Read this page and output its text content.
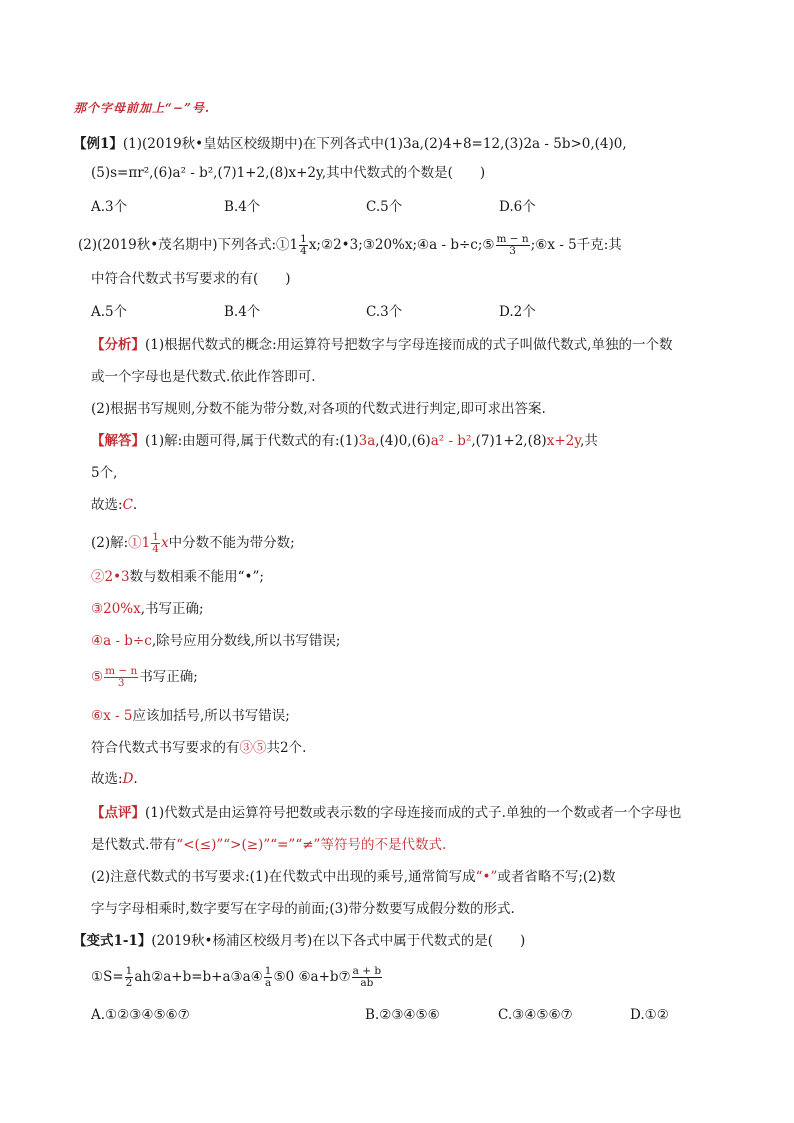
那个字母前加上“−”号.
【例1】(1)(2019秋•皇姑区校级期中)在下列各式中(1)3a,(2)4+8=12,(3)2a - 5b>0,(4)0,
(5)s=πr²,(6)a² - b²,(7)1+2,(8)x+2y,其中代数式的个数是(　　)
A.3个	B.4个	C.5个	D.6个
(2)(2019秋•茂名期中)下列各式:①1 $\frac{1}{4}$ x;②2•3;③20%x;④a - b÷c;⑤ $\frac{m - n}{3}$ ;⑥x - 5千克:其
中符合代数式书写要求的有(　　)
A.5个	B.4个	C.3个	D.2个
【分析】(1)根据代数式的概念:用运算符号把数字与字母连接而成的式子叫做代数式,单独的一个数
或一个字母也是代数式.依此作答即可.
(2)根据书写规则,分数不能为带分数,对各项的代数式进行判定,即可求出答案.
【解答】(1)解:由题可得,属于代数式的有:(1)3a,(4)0,(6)a² - b²,(7)1+2,(8)x+2y,共
5个,
故选:C.
(2)解:①1 $\frac{1}{4}$ x中分数不能为带分数;
②2•3数与数相乘不能用“•”;
③20%x,书写正确;
④a - b÷c,除号应用分数线,所以书写错误;
⑤ $\frac{m - n}{3}$ 书写正确;
⑥x - 5应该加括号,所以书写错误;
符合代数式书写要求的有③⑤共2个.
故选:D.
【点评】(1)代数式是由运算符号把数或表示数的字母连接而成的式子.单独的一个数或者一个字母也
是代数式.带有“<(≤)”“>(≥)”“=”“≠”等符号的不是代数式.
(2)注意代数式的书写要求:(1)在代数式中出现的乘号,通常简写成“•”或者省略不写;(2)数
字与字母相乘时,数字要写在字母的前面;(3)带分数要写成假分数的形式.
【变式1-1】(2019秋•杨浦区校级月考)在以下各式中属于代数式的是(　　)
①S= $\frac{1}{2}$ ah②a+b=b+a③a④ $\frac{1}{a}$ ⑤0 ⑥a+b⑦ $\frac{a + b}{ab}$
A.①②③④⑤⑥⑦	B.②③④⑤⑥	C.③④⑤⑥⑦	D.①②
